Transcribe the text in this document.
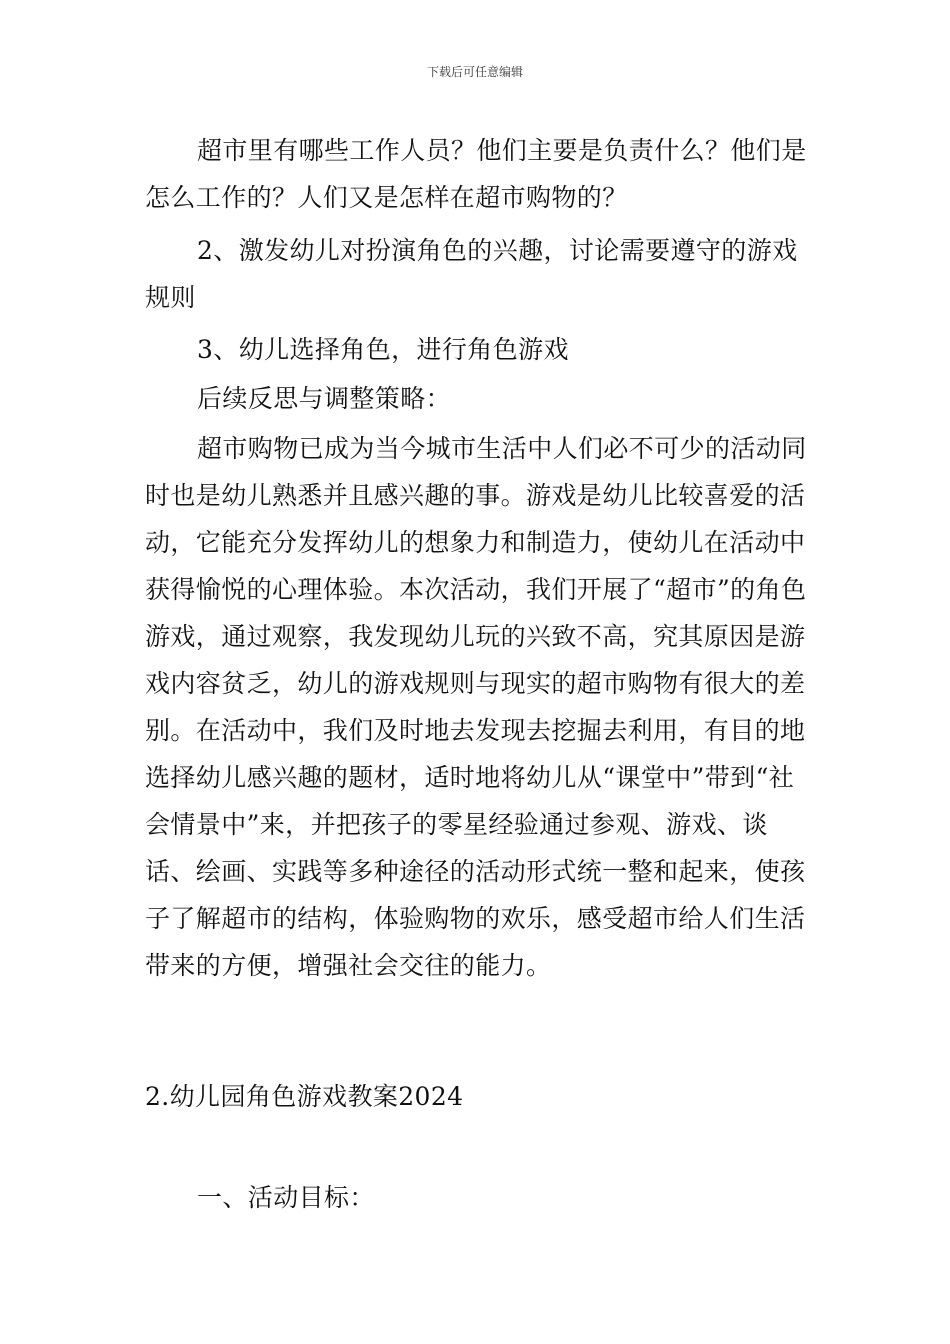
下载后可任意编辑
超市里有哪些工作人员？他们主要是负责什么？他们是怎么工作的？人们又是怎样在超市购物的？
2、激发幼儿对扮演角色的兴趣，讨论需要遵守的游戏规则
3、幼儿选择角色，进行角色游戏
后续反思与调整策略：
超市购物已成为当今城市生活中人们必不可少的活动同时也是幼儿熟悉并且感兴趣的事。游戏是幼儿比较喜爱的活动，它能充分发挥幼儿的想象力和制造力，使幼儿在活动中获得愉悦的心理体验。本次活动，我们开展了“超市”的角色游戏，通过观察，我发现幼儿玩的兴致不高，究其原因是游戏内容贫乏，幼儿的游戏规则与现实的超市购物有很大的差别。在活动中，我们及时地去发现去挖掘去利用，有目的地选择幼儿感兴趣的题材，适时地将幼儿从“课堂中”带到“社会情景中”来，并把孩子的零星经验通过参观、游戏、谈话、绘画、实践等多种途径的活动形式统一整和起来，使孩子了解超市的结构，体验购物的欢乐，感受超市给人们生活带来的方便，增强社会交往的能力。
2.幼儿园角色游戏教案2024
一、活动目标：
